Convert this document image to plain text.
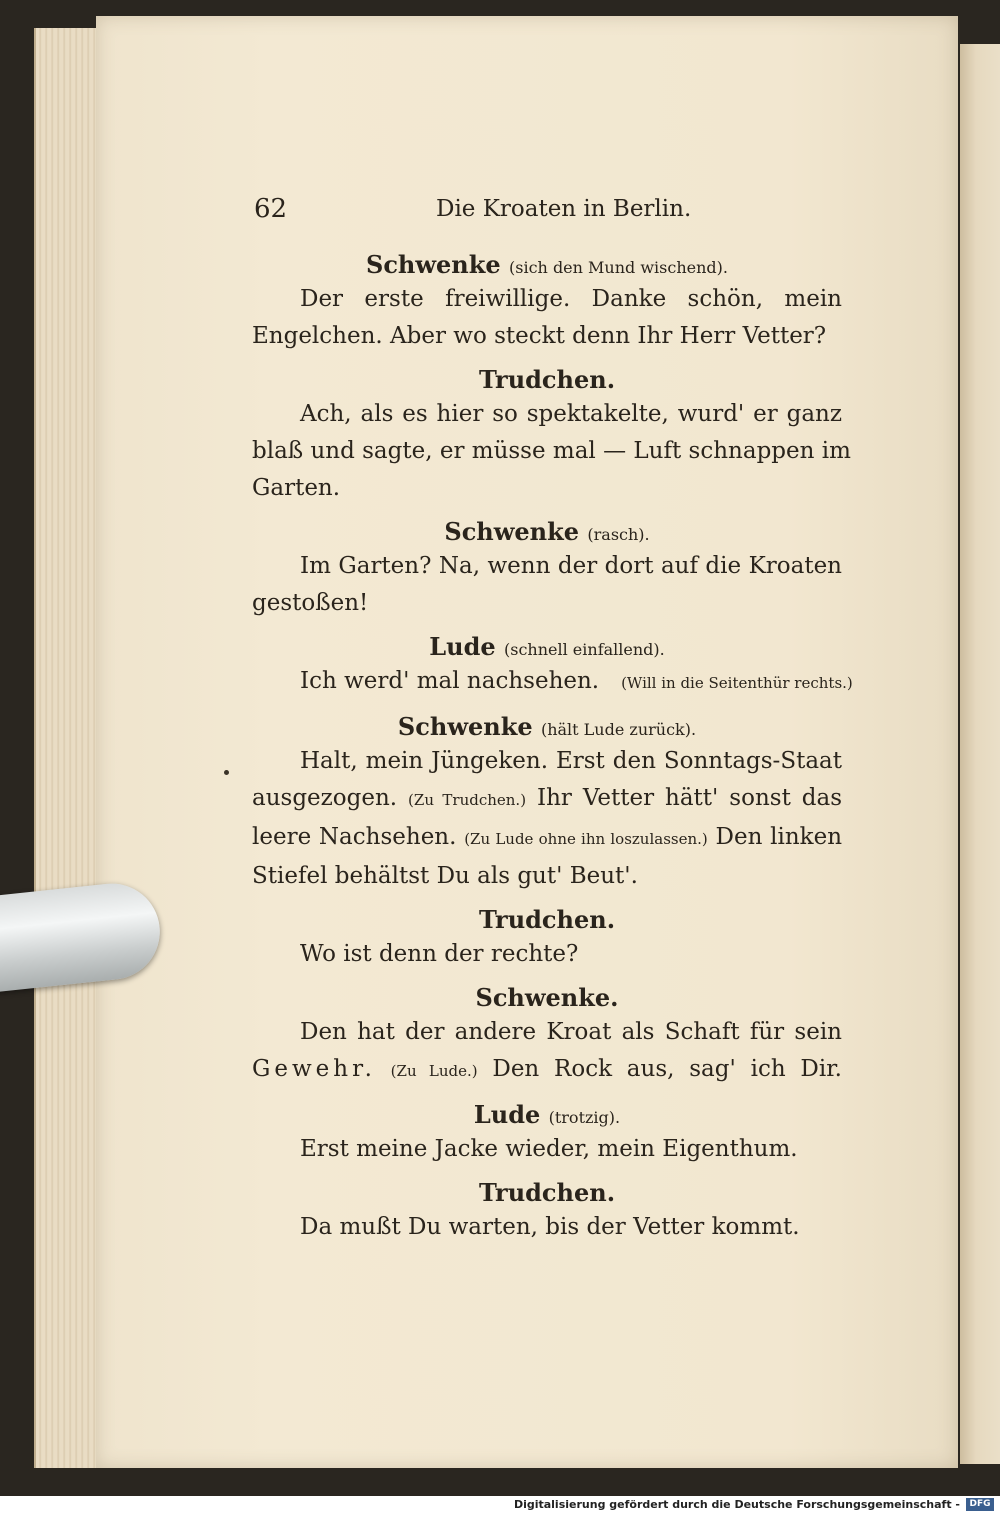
62	Die Kroaten in Berlin.
Schwenke (sich den Mund wischend).
Der erste freiwillige. Danke schön, mein
Engelchen. Aber wo steckt denn Ihr Herr Vetter?
Trudchen.
Ach, als es hier so spektakelte, wurd' er ganz
blaß und sagte, er müsse mal — Luft schnappen im
Garten.
Schwenke (rasch).
Im Garten? Na, wenn der dort auf die Kroaten
gestoßen!
Lude (schnell einfallend).
Ich werd' mal nachsehen. (Will in die Seitenthür rechts.)
Schwenke (hält Lude zurück).
Halt, mein Jüngeken. Erst den Sonntags-Staat
ausgezogen. (Zu Trudchen.) Ihr Vetter hätt' sonst das
leere Nachsehen. (Zu Lude ohne ihn loszulassen.) Den linken
Stiefel behältst Du als gut' Beut'.
Trudchen.
Wo ist denn der rechte?
Schwenke.
Den hat der andere Kroat als Schaft für sein
Gewehr. (Zu Lude.) Den Rock aus, sag' ich Dir.
Lude (trotzig).
Erst meine Jacke wieder, mein Eigenthum.
Trudchen.
Da mußt Du warten, bis der Vetter kommt.
Digitalisierung gefördert durch die Deutsche Forschungsgemeinschaft -	DFG
